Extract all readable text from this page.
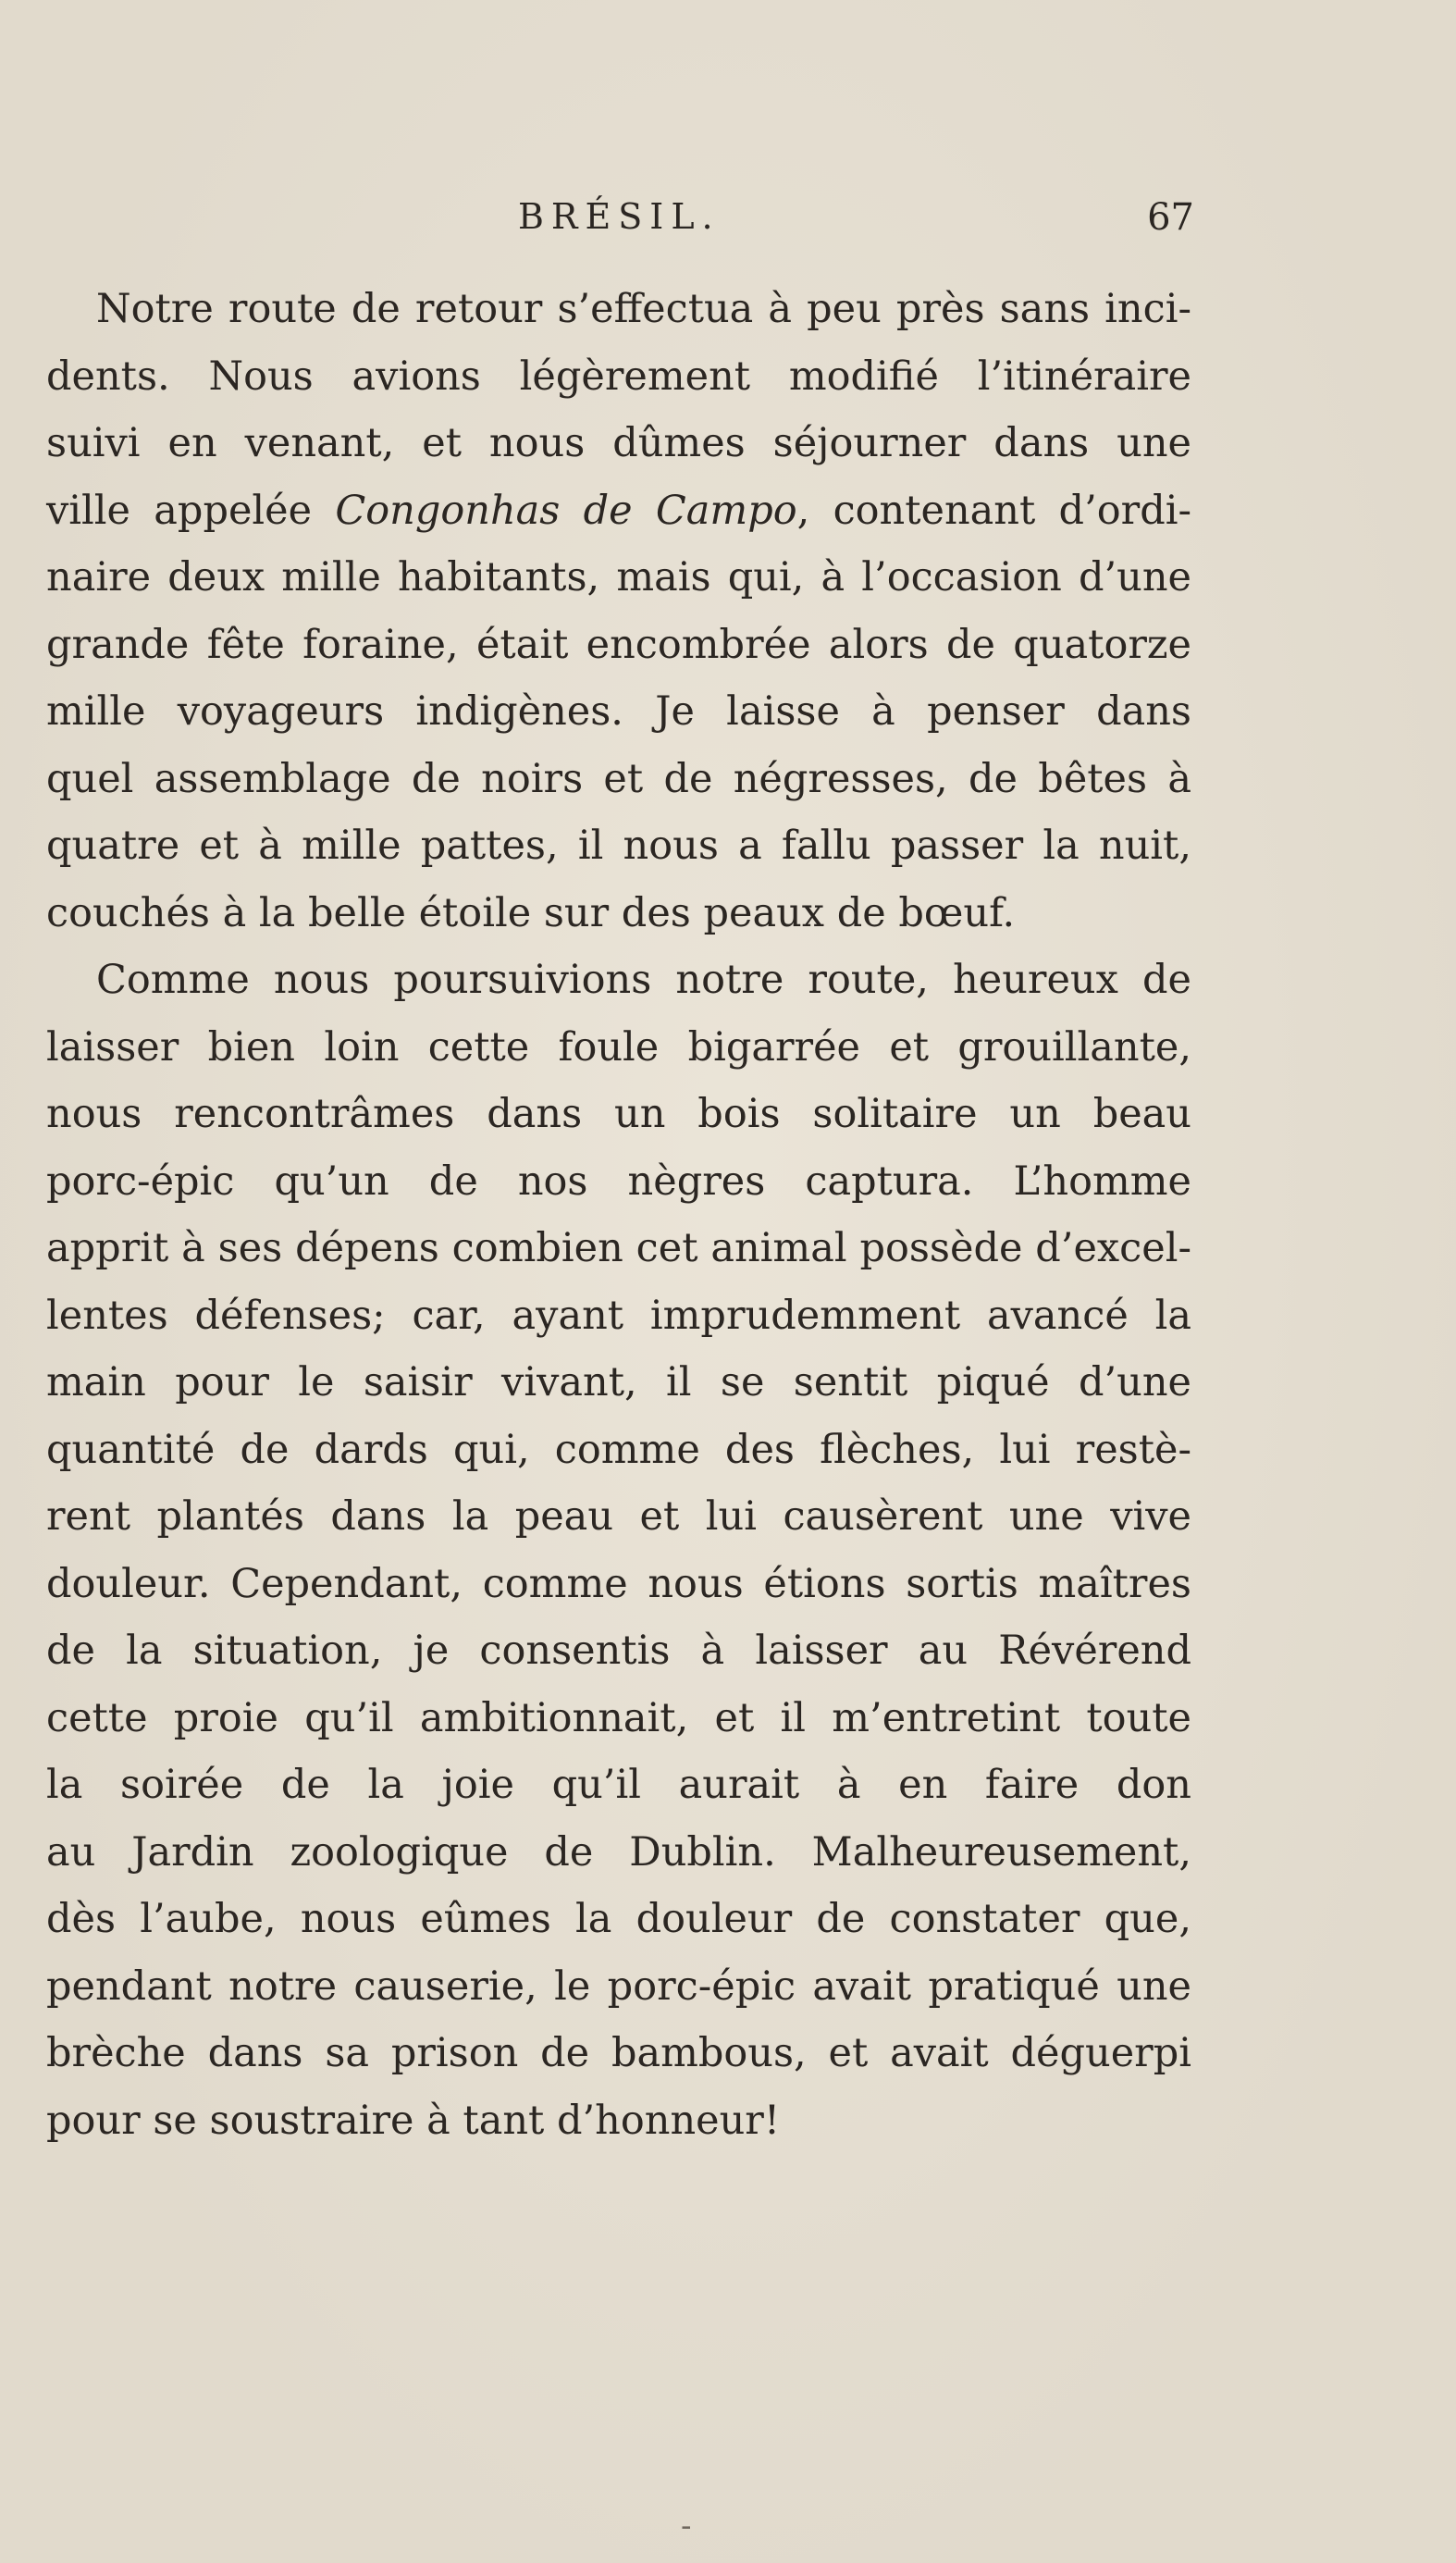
BRÉSIL.	67
Notre route de retour s’effectua à peu près sans inci-
dents. Nous avions légèrement modifié l’itinéraire
suivi en venant, et nous dûmes séjourner dans une
ville appelée Congonhas de Campo, contenant d’ordi-
naire deux mille habitants, mais qui, à l’occasion d’une
grande fête foraine, était encombrée alors de quatorze
mille voyageurs indigènes. Je laisse à penser dans
quel assemblage de noirs et de négresses, de bêtes à
quatre et à mille pattes, il nous a fallu passer la nuit,
couchés à la belle étoile sur des peaux de bœuf.
Comme nous poursuivions notre route, heureux de
laisser bien loin cette foule bigarrée et grouillante,
nous rencontrâmes dans un bois solitaire un beau
porc-épic qu’un de nos nègres captura. L’homme
apprit à ses dépens combien cet animal possède d’excel-
lentes défenses; car, ayant imprudemment avancé la
main pour le saisir vivant, il se sentit piqué d’une
quantité de dards qui, comme des flèches, lui restè-
rent plantés dans la peau et lui causèrent une vive
douleur. Cependant, comme nous étions sortis maîtres
de la situation, je consentis à laisser au Révérend
cette proie qu’il ambitionnait, et il m’entretint toute
la soirée de la joie qu’il aurait à en faire don
au Jardin zoologique de Dublin. Malheureusement,
dès l’aube, nous eûmes la douleur de constater que,
pendant notre causerie, le porc-épic avait pratiqué une
brèche dans sa prison de bambous, et avait déguerpi
pour se soustraire à tant d’honneur!
-
